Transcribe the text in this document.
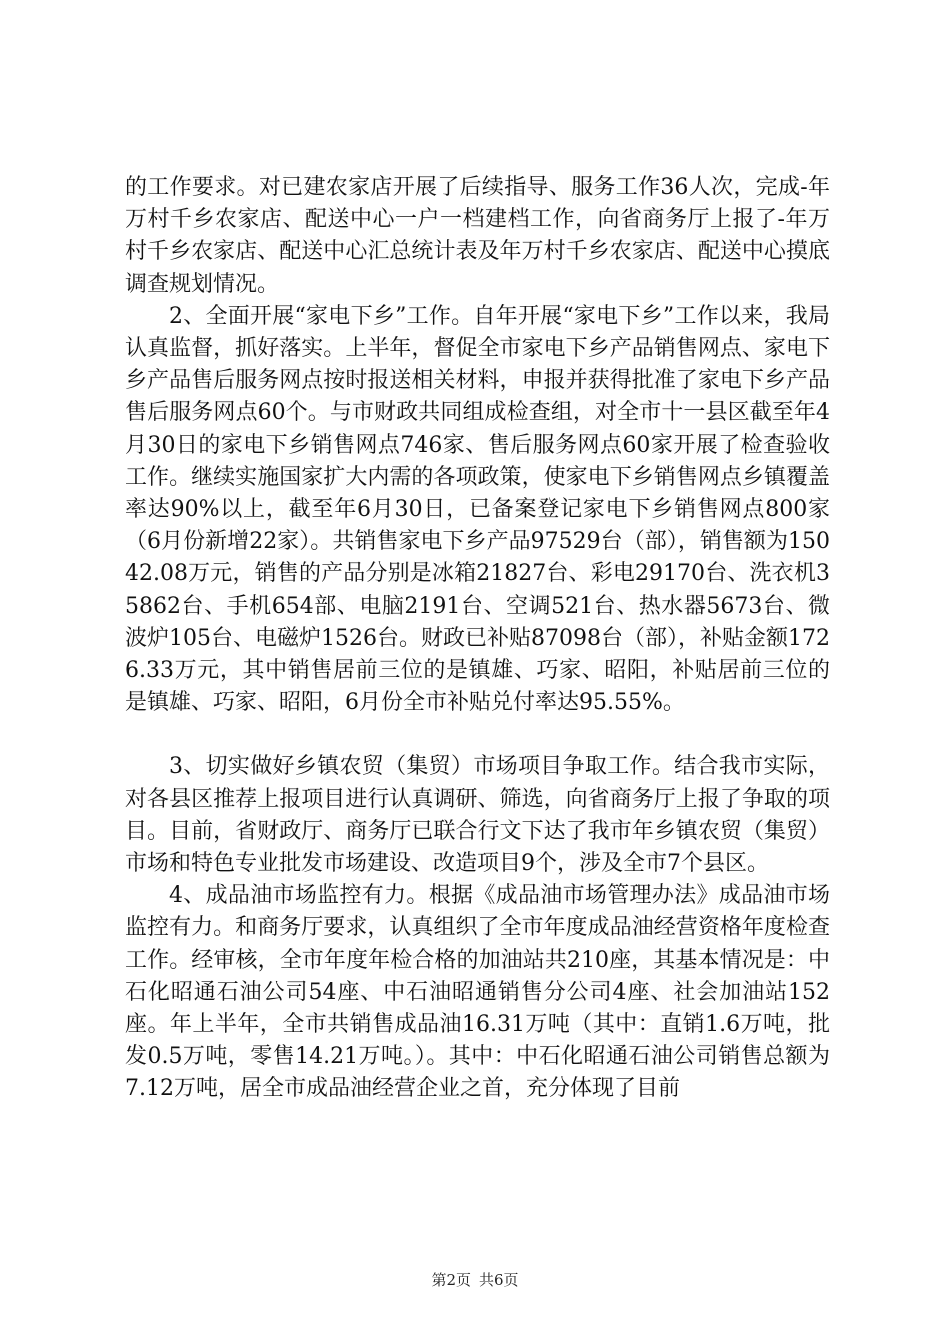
的工作要求。对已建农家店开展了后续指导、服务工作36人次，完成-年万村千乡农家店、配送中心一户一档建档工作，向省商务厅上报了-年万村千乡农家店、配送中心汇总统计表及年万村千乡农家店、配送中心摸底调查规划情况。

2、全面开展“家电下乡”工作。自年开展“家电下乡”工作以来，我局认真监督，抓好落实。上半年，督促全市家电下乡产品销售网点、家电下乡产品售后服务网点按时报送相关材料，申报并获得批准了家电下乡产品售后服务网点60个。与市财政共同组成检查组，对全市十一县区截至年4月30日的家电下乡销售网点746家、售后服务网点60家开展了检查验收工作。继续实施国家扩大内需的各项政策，使家电下乡销售网点乡镇覆盖率达90%以上，截至年6月30日，已备案登记家电下乡销售网点800家（6月份新增22家）。共销售家电下乡产品97529台（部），销售额为15042.08万元，销售的产品分别是冰箱21827台、彩电29170台、洗衣机35862台、手机654部、电脑2191台、空调521台、热水器5673台、微波炉105台、电磁炉1526台。财政已补贴87098台（部），补贴金额1726.33万元，其中销售居前三位的是镇雄、巧家、昭阳，补贴居前三位的是镇雄、巧家、昭阳，6月份全市补贴兑付率达95.55%。

3、切实做好乡镇农贸（集贸）市场项目争取工作。结合我市实际，对各县区推荐上报项目进行认真调研、筛选，向省商务厅上报了争取的项目。目前，省财政厅、商务厅已联合行文下达了我市年乡镇农贸（集贸）市场和特色专业批发市场建设、改造项目9个，涉及全市7个县区。

4、成品油市场监控有力。根据《成品油市场管理办法》成品油市场监控有力。和商务厅要求，认真组织了全市年度成品油经营资格年度检查工作。经审核，全市年度年检合格的加油站共210座，其基本情况是：中石化昭通石油公司54座、中石油昭通销售分公司4座、社会加油站152座。年上半年，全市共销售成品油16.31万吨（其中：直销1.6万吨，批发0.5万吨，零售14.21万吨。）。其中：中石化昭通石油公司销售总额为7.12万吨，居全市成品油经营企业之首，充分体现了目前

第2页 共6页
